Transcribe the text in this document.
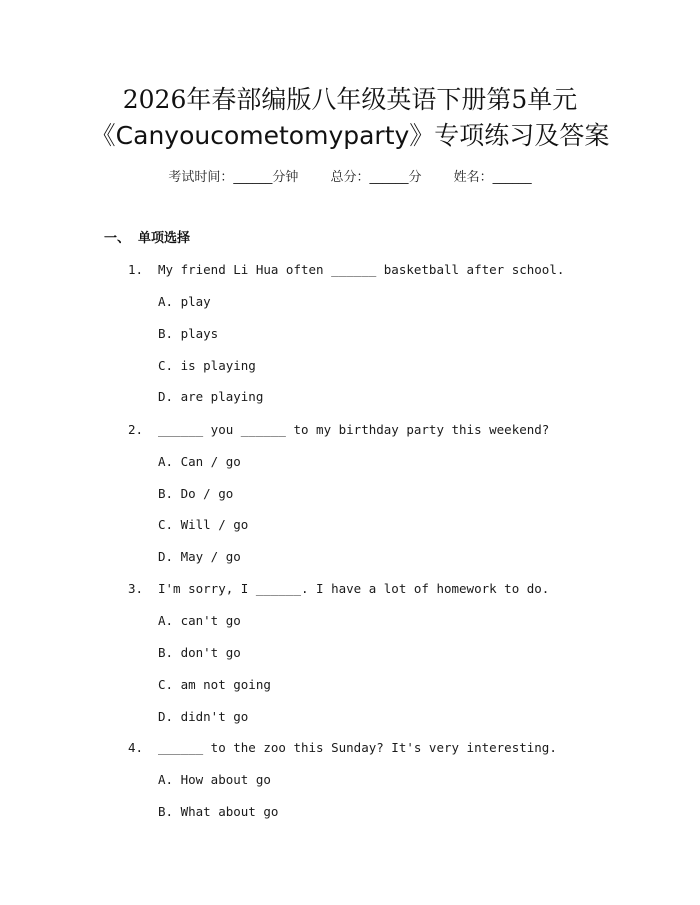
2026年春部编版八年级英语下册第5单元
《Canyoucometomyparty》专项练习及答案
考试时间：______分钟 总分：______分 姓名：______
一、 单项选择
1. My friend Li Hua often ______ basketball after school.
A. play
B. plays
C. is playing
D. are playing
2. ______ you ______ to my birthday party this weekend?
A. Can / go
B. Do / go
C. Will / go
D. May / go
3. I'm sorry, I ______. I have a lot of homework to do.
A. can't go
B. don't go
C. am not going
D. didn't go
4. ______ to the zoo this Sunday? It's very interesting.
A. How about go
B. What about go
